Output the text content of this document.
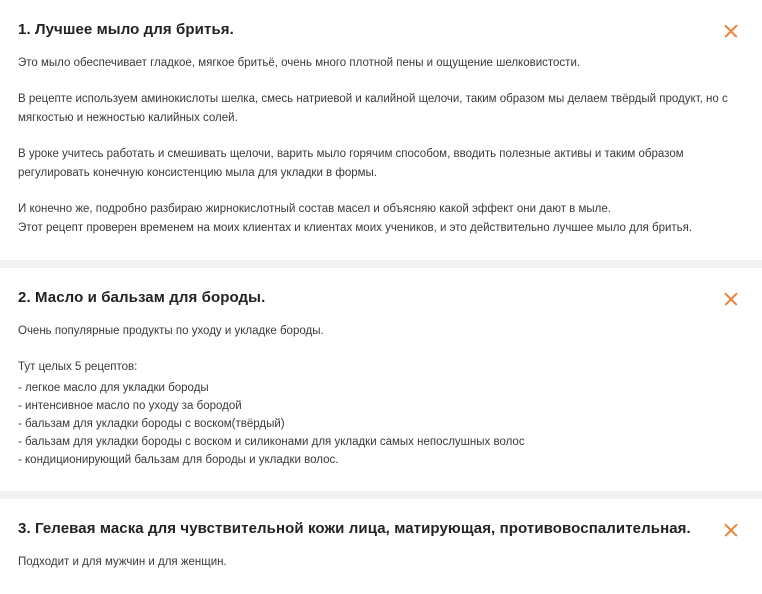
1. Лучшее мыло для бритья.

Это мыло обеспечивает гладкое, мягкое бритьё, очень много плотной пены и ощущение шелковистости.

В рецепте используем аминокислоты шелка, смесь натриевой и калийной щелочи, таким образом мы делаем твёрдый продукт, но с мягкостью и нежностью калийных солей.

В уроке учитесь работать и смешивать щелочи, варить мыло горячим способом, вводить полезные активы и таким образом регулировать конечную консистенцию мыла для укладки в формы.

И конечно же, подробно разбираю жирнокислотный состав масел и объясняю какой эффект они дают в мыле.

Этот рецепт проверен временем на моих клиентах и клиентах моих учеников, и это действительно лучшее мыло для бритья.

2. Масло и бальзам для бороды.

Очень популярные продукты по уходу и укладке бороды.

Тут целых 5 рецептов:

- легкое масло для укладки бороды
- интенсивное масло по уходу за бородой
- бальзам для укладки бороды с воском(твёрдый)
- бальзам для укладки бороды с воском и силиконами для укладки самых непослушных волос
- кондиционирующий бальзам для бороды и укладки волос.
3. Гелевая маска для чувствительной кожи лица, матирующая, противовоспалительная.

Подходит и для мужчин и для женщин.
